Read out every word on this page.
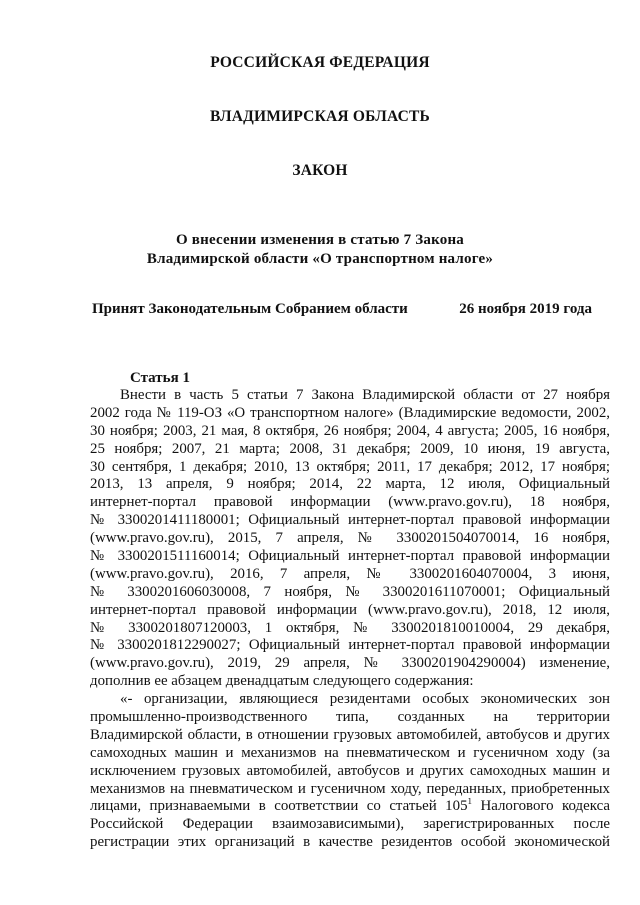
РОССИЙСКАЯ ФЕДЕРАЦИЯ
ВЛАДИМИРСКАЯ ОБЛАСТЬ
ЗАКОН
О внесении изменения в статью 7 Закона
Владимирской области «О транспортном налоге»
Принят Законодательным Собранием области	26 ноября 2019 года
Статья 1
Внести в часть 5 статьи 7 Закона Владимирской области от 27 ноября
2002 года № 119-ОЗ «О транспортном налоге» (Владимирские ведомости, 2002,
30 ноября; 2003, 21 мая, 8 октября, 26 ноября; 2004, 4 августа; 2005, 16 ноября,
25 ноября; 2007, 21 марта; 2008, 31 декабря; 2009, 10 июня, 19 августа,
30 сентября, 1 декабря; 2010, 13 октября; 2011, 17 декабря; 2012, 17 ноября;
2013, 13 апреля, 9 ноября; 2014, 22 марта, 12 июля, Официальный
интернет-портал правовой информации (www.pravo.gov.ru), 18 ноября,
№ 3300201411180001; Официальный интернет-портал правовой информации
(www.pravo.gov.ru), 2015, 7 апреля, № 3300201504070014, 16 ноября,
№ 3300201511160014; Официальный интернет-портал правовой информации
(www.pravo.gov.ru), 2016, 7 апреля, № 3300201604070004, 3 июня,
№ 3300201606030008, 7 ноября, № 3300201611070001; Официальный
интернет-портал правовой информации (www.pravo.gov.ru), 2018, 12 июля,
№ 3300201807120003, 1 октября, № 3300201810010004, 29 декабря,
№ 3300201812290027; Официальный интернет-портал правовой информации
(www.pravo.gov.ru), 2019, 29 апреля, № 3300201904290004) изменение,
дополнив ее абзацем двенадцатым следующего содержания:
«- организации, являющиеся резидентами особых экономических зон
промышленно-производственного типа, созданных на территории
Владимирской области, в отношении грузовых автомобилей, автобусов и других
самоходных машин и механизмов на пневматическом и гусеничном ходу (за
исключением грузовых автомобилей, автобусов и других самоходных машин и
механизмов на пневматическом и гусеничном ходу, переданных, приобретенных
лицами, признаваемыми в соответствии со статьей $105^1$ Налогового кодекса
Российской Федерации взаимозависимыми), зарегистрированных после
регистрации этих организаций в качестве резидентов особой экономической
